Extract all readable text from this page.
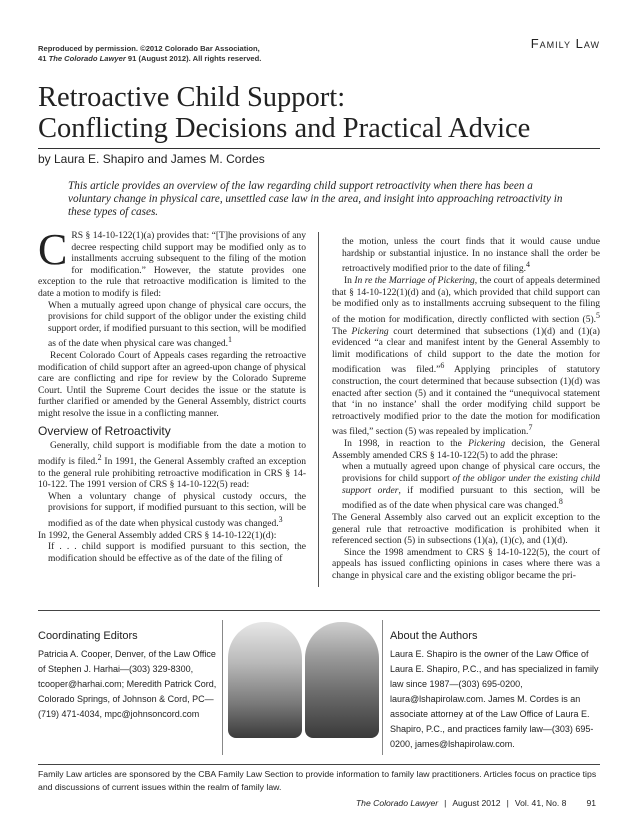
Reproduced by permission. ©2012 Colorado Bar Association,
41 The Colorado Lawyer 91 (August 2012). All rights reserved.
Family Law
Retroactive Child Support:
Conflicting Decisions and Practical Advice
by Laura E. Shapiro and James M. Cordes
This article provides an overview of the law regarding child support retroactivity when there has been a voluntary change in physical care, unsettled case law in the area, and insight into approaching retroactivity in these types of cases.

CRS § 14-10-122(1)(a) provides that: “[T]he provisions of any decree respecting child support may be modified only as to installments accruing subsequent to the filing of the motion for modification.” However, the statute provides one exception to the rule that retroactive modification is limited to the date a motion to modify is filed:

When a mutually agreed upon change of physical care occurs, the provisions for child support of the obligor under the existing child support order, if modified pursuant to this section, will be modified as of the date when physical care was changed.$^1$

Recent Colorado Court of Appeals cases regarding the retroactive modification of child support after an agreed-upon change of physical care are conflicting and ripe for review by the Colorado Supreme Court. Until the Supreme Court decides the issue or the statute is further clarified or amended by the General Assembly, district courts might resolve the issue in a conflicting manner.

Overview of Retroactivity

Generally, child support is modifiable from the date a motion to modify is filed.$^2$ In 1991, the General Assembly crafted an exception to the general rule prohibiting retroactive modification in CRS § 14-10-122. The 1991 version of CRS § 14-10-122(5) read:

When a voluntary change of physical custody occurs, the provisions for support, if modified pursuant to this section, will be modified as of the date when physical custody was changed.$^3$

In 1992, the General Assembly added CRS § 14-10-122(1)(d):

If . . . child support is modified pursuant to this section, the modification should be effective as of the date of the filing of

the motion, unless the court finds that it would cause undue hardship or substantial injustice. In no instance shall the order be retroactively modified prior to the date of filing.$^4$

In In re the Marriage of Pickering, the court of appeals determined that § 14-10-122(1)(d) and (a), which provided that child support can be modified only as to installments accruing subsequent to the filing of the motion for modification, directly conflicted with section (5).$^5$ The Pickering court determined that subsections (1)(d) and (1)(a) evidenced “a clear and manifest intent by the General Assembly to limit modifications of child support to the date the motion for modification was filed.”$^6$ Applying principles of statutory construction, the court determined that because subsection (1)(d) was enacted after section (5) and it contained the “unequivocal statement that ‘in no instance’ shall the order modifying child support be retroactively modified prior to the date the motion for modification was filed,” section (5) was repealed by implication.$^7$

In 1998, in reaction to the Pickering decision, the General Assembly amended CRS § 14-10-122(5) to add the phrase:

when a mutually agreed upon change of physical care occurs, the provisions for child support of the obligor under the existing child support order, if modified pursuant to this section, will be modified as of the date when physical care was changed.$^8$

The General Assembly also carved out an explicit exception to the general rule that retroactive modification is prohibited when it referenced section (5) in subsections (1)(a), (1)(c), and (1)(d).

Since the 1998 amendment to CRS § 14-10-122(5), the court of appeals has issued conflicting opinions in cases where there was a change in physical care and the existing obligor became the pri-

Coordinating Editors
Patricia A. Cooper, Denver, of the Law Office of Stephen J. Harhai—(303) 329-8300, tcooper@harhai.com; Meredith Patrick Cord, Colorado Springs, of Johnson & Cord, PC—(719) 471-4034, mpc@johnsoncord.com
About the Authors
Laura E. Shapiro is the owner of the Law Office of Laura E. Shapiro, P.C., and has specialized in family law since 1987—(303) 695-0200, laura@lshapirolaw.com. James M. Cordes is an associate attorney at of the Law Office of Laura E. Shapiro, P.C., and practices family law—(303) 695-0200, james@lshapirolaw.com.
Family Law articles are sponsored by the CBA Family Law Section to provide information to family law practitioners. Articles focus on practice tips and discussions of current issues within the realm of family law.
The Colorado Lawyer | August 2012 | Vol. 41, No. 8 91
